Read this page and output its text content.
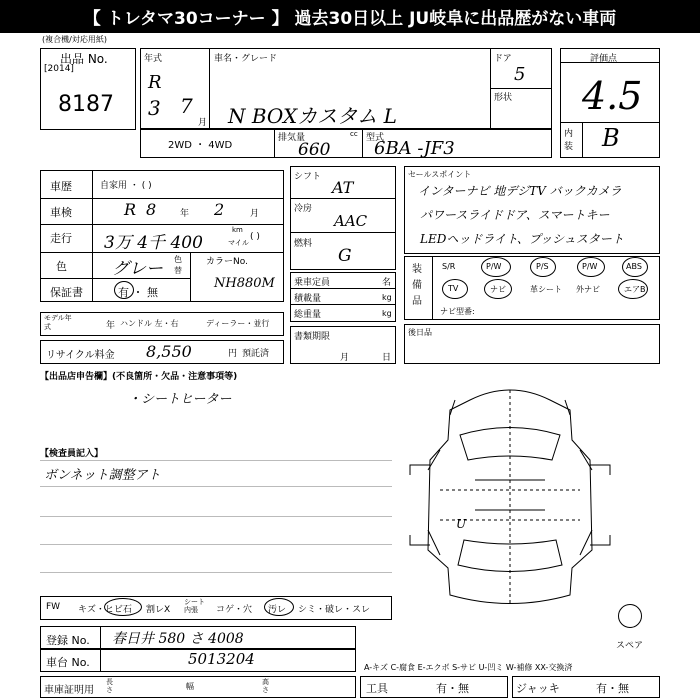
【 トレタマ30コーナー 】 過去30日以上 JU岐阜に出品歴がない車両
(複合機/対応用紙)
出品 No.
[2014]
8187
年式
R
3 7
月
車名・グレード
N BOXカスタム L
ドア
5
形状
評価点
4.5
内装 B
2WD ・ 4WD
排気量	cc
660
型式
6BA -JF3
車歴	自家用 ・ ( )
車検	R 8	年 2	月
走行 3万 4千 400
km
マイル
( )
色	グレー 色替
カラーNo.
NH880M
保証書	有 ・ 無
モデル年式	年 ハンドル 左・右	ディーラー・並行
リサイクル料金 8,550	円 預託済
シフト
AT
冷房
AAC
燃料
G
乗車定員	名
積載量	kg
総重量	kg
書類期限
月	日
セールスポイント
インターナビ 地デジTV バックカメラ
パワースライドドア、スマートキー
LEDヘッドライト、プッシュスタート
装備品
S/R	P/W	P/S	P/W	ABS
TV	ナビ	革シート 外ナビ	エアB
ナビ型番:
後日品
【出品店申告欄】(不良箇所・欠品・注意事項等)
・シートヒーター
【検査員記入】
ボンネット調整アト
U
スペア
FW キズ・ヒビ石 割レX
シート 内張	コゲ・穴 汚レ シミ・破レ・スレ
登録 No. 春日井 580 さ 4008
車台 No.	5013204	A-キズ C-腐食 E-エクボ S-サビ U-凹ミ W-補修 XX-交換済
車庫証明用
長さ	幅	高さ	工具	有・無	ジャッキ	有・無
